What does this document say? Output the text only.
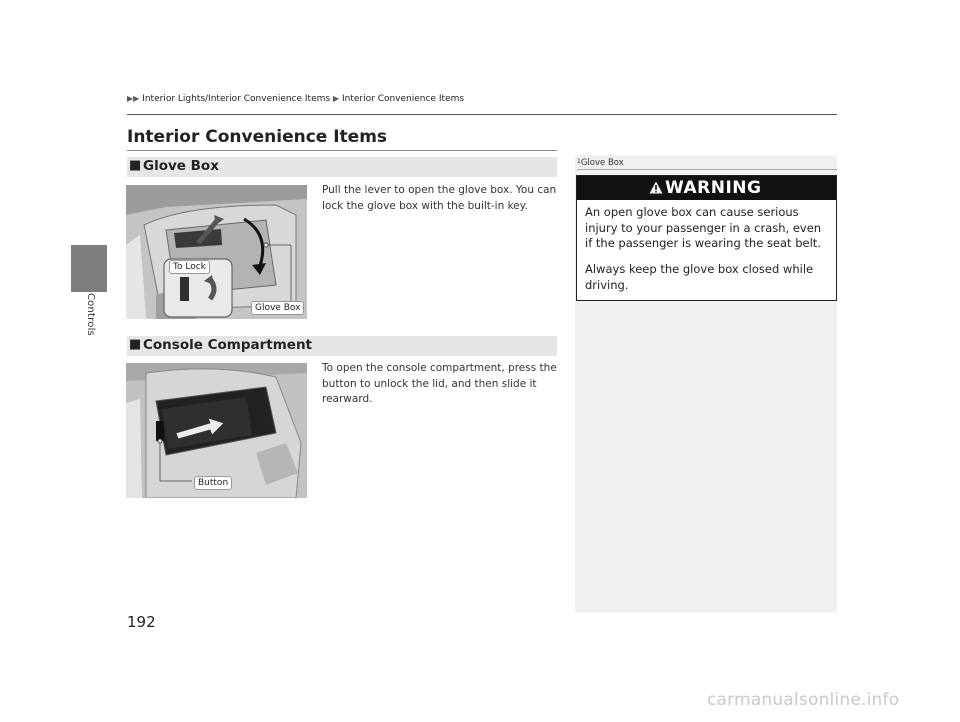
Controls
▶▶ Interior Lights/Interior Convenience Items ▶ Interior Convenience Items
Interior Convenience Items
■ Glove Box
To Lock
Glove Box
Pull the lever to open the glove box. You can lock the glove box with the built-in key.
■ Console Compartment
Button
To open the console compartment, press the button to unlock the lid, and then slide it rearward.
$^1$Glove Box
WARNING
An open glove box can cause serious injury to your passenger in a crash, even if the passenger is wearing the seat belt.
Always keep the glove box closed while driving.
192
carmanualsonline.info
